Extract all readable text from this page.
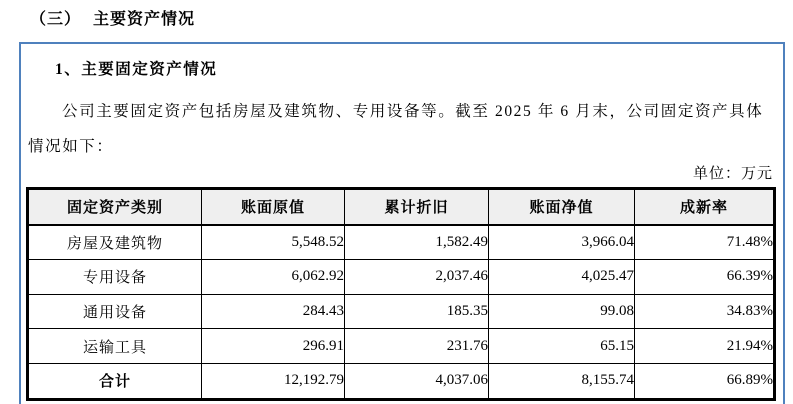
（三） 主要资产情况
1、主要固定资产情况
公司主要固定资产包括房屋及建筑物、专用设备等。截至 2025 年 6 月末，公司固定资产具体
情况如下：
单位：万元
固定资产类别	账面原值	累计折旧	账面净值	成新率
房屋及建筑物	5,548.52	1,582.49	3,966.04	71.48%
专用设备	6,062.92	2,037.46	4,025.47	66.39%
通用设备	284.43	185.35	99.08	34.83%
运输工具	296.91	231.76	65.15	21.94%
合计	12,192.79	4,037.06	8,155.74	66.89%
